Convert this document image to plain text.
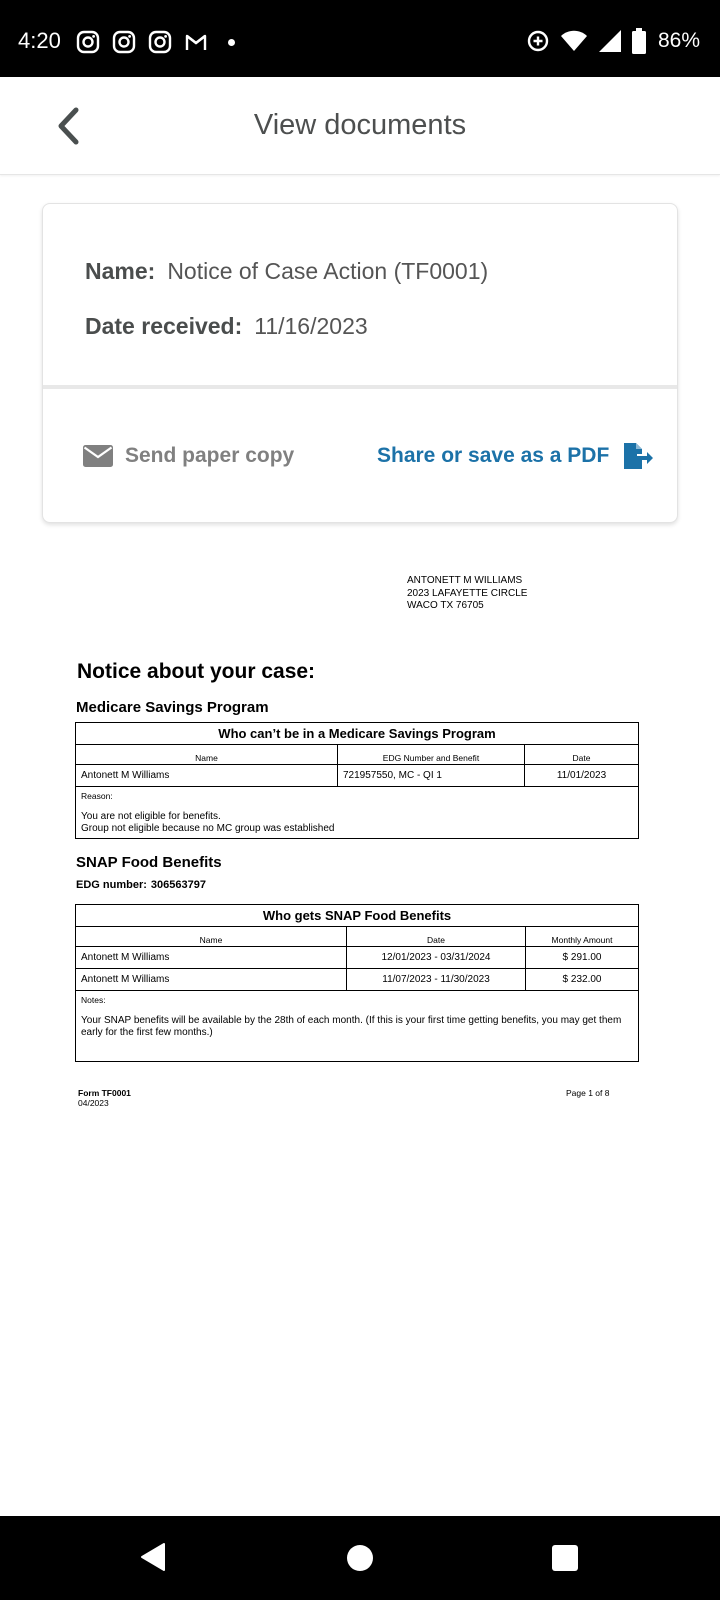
4:20	86%
View documents
Name: Notice of Case Action (TF0001)
Date received: 11/16/2023
Send paper copy	Share or save as a PDF
ANTONETT M WILLIAMS
2023 LAFAYETTE CIRCLE
WACO TX 76705
Notice about your case:
Medicare Savings Program
Who can’t be in a Medicare Savings Program		
Name	EDG Number and Benefit	Date
Antonett M Williams	721957550, MC - QI 1	11/01/2023

Reason:
You are not eligible for benefits.
Group not eligible because no MC group was established		
SNAP Food Benefits
EDG number: 306563797
Who gets SNAP Food Benefits		
Name	Date	Monthly Amount
Antonett M Williams	12/01/2023 - 03/31/2024	$ 291.00
Antonett M Williams	11/07/2023 - 11/30/2023	$ 232.00

Notes:
Your SNAP benefits will be available by the 28th of each month. (If this is your first time getting benefits, you may get them early for the first few months.)		
Form TF0001
04/2023
Page 1 of 8
